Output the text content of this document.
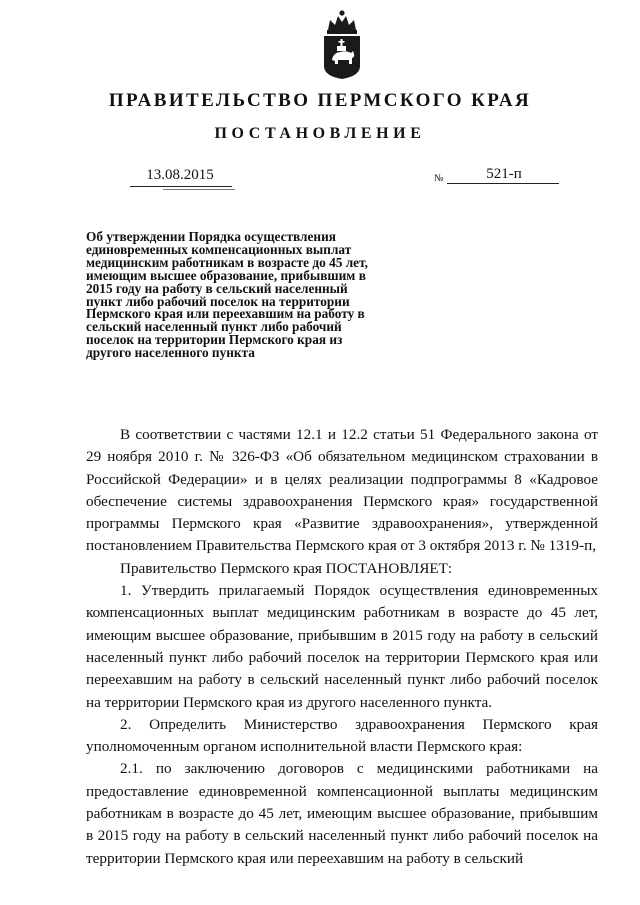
ПРАВИТЕЛЬСТВО ПЕРМСКОГО КРАЯ
ПОСТАНОВЛЕНИЕ
13.08.2015	№	521-п
Об утверждении Порядка осуществления единовременных компенсационных выплат медицинским работникам в возрасте до 45 лет, имеющим высшее образование, прибывшим в 2015 году на работу в сельский населенный пункт либо рабочий поселок на территории Пермского края или переехавшим на работу в сельский населенный пункт либо рабочий поселок на территории Пермского края из другого населенного пункта

В соответствии с частями 12.1 и 12.2 статьи 51 Федерального закона от 29 ноября 2010 г. № 326-ФЗ «Об обязательном медицинском страховании в Российской Федерации» и в целях реализации подпрограммы 8 «Кадровое обеспечение системы здравоохранения Пермского края» государственной программы Пермского края «Развитие здравоохранения», утвержденной постановлением Правительства Пермского края от 3 октября 2013 г. № 1319-п,

Правительство Пермского края ПОСТАНОВЛЯЕТ:

1. Утвердить прилагаемый Порядок осуществления единовременных компенсационных выплат медицинским работникам в возрасте до 45 лет, имеющим высшее образование, прибывшим в 2015 году на работу в сельский населенный пункт либо рабочий поселок на территории Пермского края или переехавшим на работу в сельский населенный пункт либо рабочий поселок на территории Пермского края из другого населенного пункта.

2. Определить Министерство здравоохранения Пермского края уполномоченным органом исполнительной власти Пермского края:

2.1. по заключению договоров с медицинскими работниками на предоставление единовременной компенсационной выплаты медицинским работникам в возрасте до 45 лет, имеющим высшее образование, прибывшим в 2015 году на работу в сельский населенный пункт либо рабочий поселок на территории Пермского края или переехавшим на работу в сельский
